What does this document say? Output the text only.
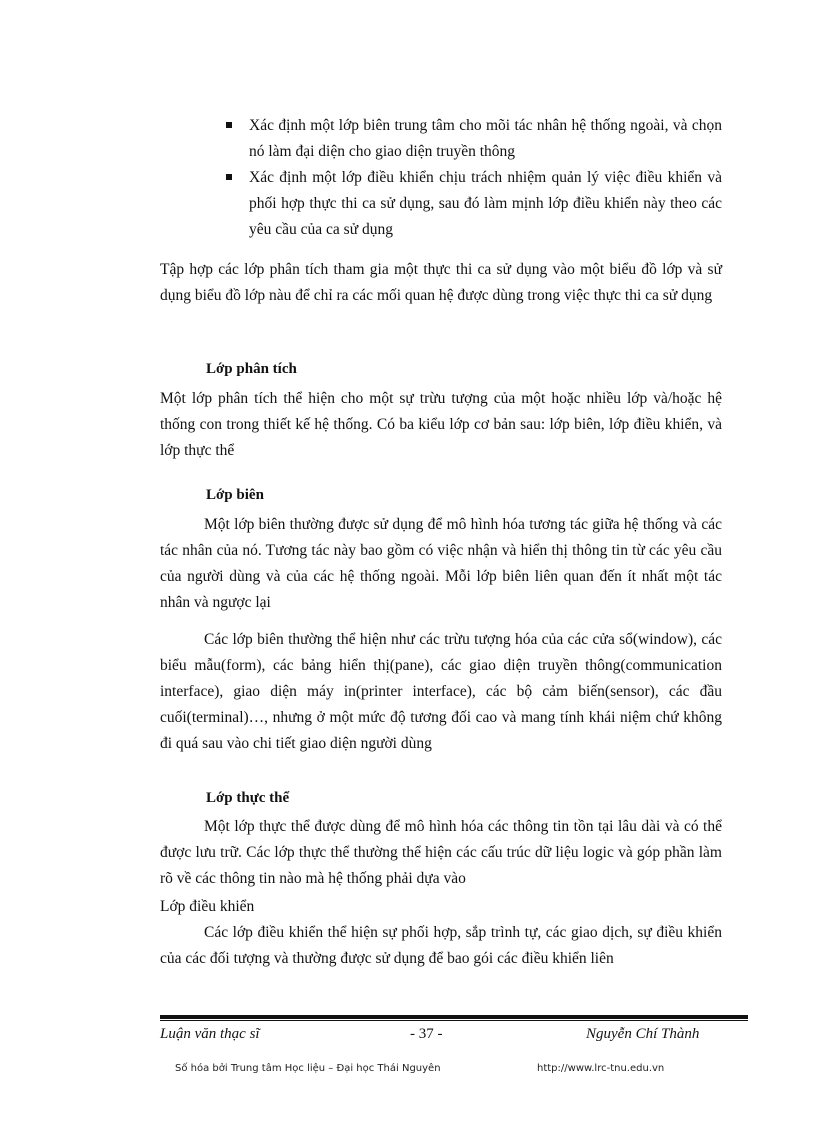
Xác định một lớp biên trung tâm cho mõi tác nhân hệ thống ngoài, và chọn nó làm đại diện cho giao diện truyền thông
Xác định một lớp điều khiển chịu trách nhiệm quản lý việc điều khiển và phối hợp thực thi ca sử dụng, sau đó làm mịnh lớp điều khiển này theo các yêu cầu của ca sử dụng

Tập hợp các lớp phân tích tham gia một thực thi ca sử dụng vào một biểu đồ lớp và sử dụng biểu đồ lớp nàu để chỉ ra các mối quan hệ được dùng trong việc thực thi ca sử dụng

Lớp phân tích

Một lớp phân tích thể hiện cho một sự trừu tượng của một hoặc nhiều lớp và/hoặc hệ thống con trong thiết kế hệ thống. Có ba kiểu lớp cơ bản sau: lớp biên, lớp điều khiển, và lớp thực thể

Lớp biên

Một lớp biên thường được sử dụng để mô hình hóa tương tác giữa hệ thống và các tác nhân của nó. Tương tác này bao gồm có việc nhận và hiển thị thông tin từ các yêu cầu của người dùng và của các hệ thống ngoài. Mỗi lớp biên liên quan đến ít nhất một tác nhân và ngược lại

Các lớp biên thường thể hiện như các trừu tượng hóa của các cửa sổ(window), các biểu mẫu(form), các bảng hiển thị(pane), các giao diện truyền thông(communication interface), giao diện máy in(printer interface), các bộ cảm biến(sensor), các đầu cuối(terminal)…, nhưng ở một mức độ tương đối cao và mang tính khái niệm chứ không đi quá sau vào chi tiết giao diện người dùng

Lớp thực thể

Một lớp thực thể được dùng để mô hình hóa các thông tin tồn tại lâu dài và có thể được lưu trữ. Các lớp thực thể thường thể hiện các cấu trúc dữ liệu logic và góp phần làm rõ về các thông tin nào mà hệ thống phải dựa vào

Lớp điều khiển

Các lớp điều khiển thể hiện sự phối hợp, sắp trình tự, các giao dịch, sự điều khiển của các đối tượng và thường được sử dụng để bao gói các điều khiển liên

Luận văn thạc sĩ	- 37 -	Nguyễn Chí Thành
Số hóa bởi Trung tâm Học liệu – Đại học Thái Nguyên	http://www.lrc-tnu.edu.vn
